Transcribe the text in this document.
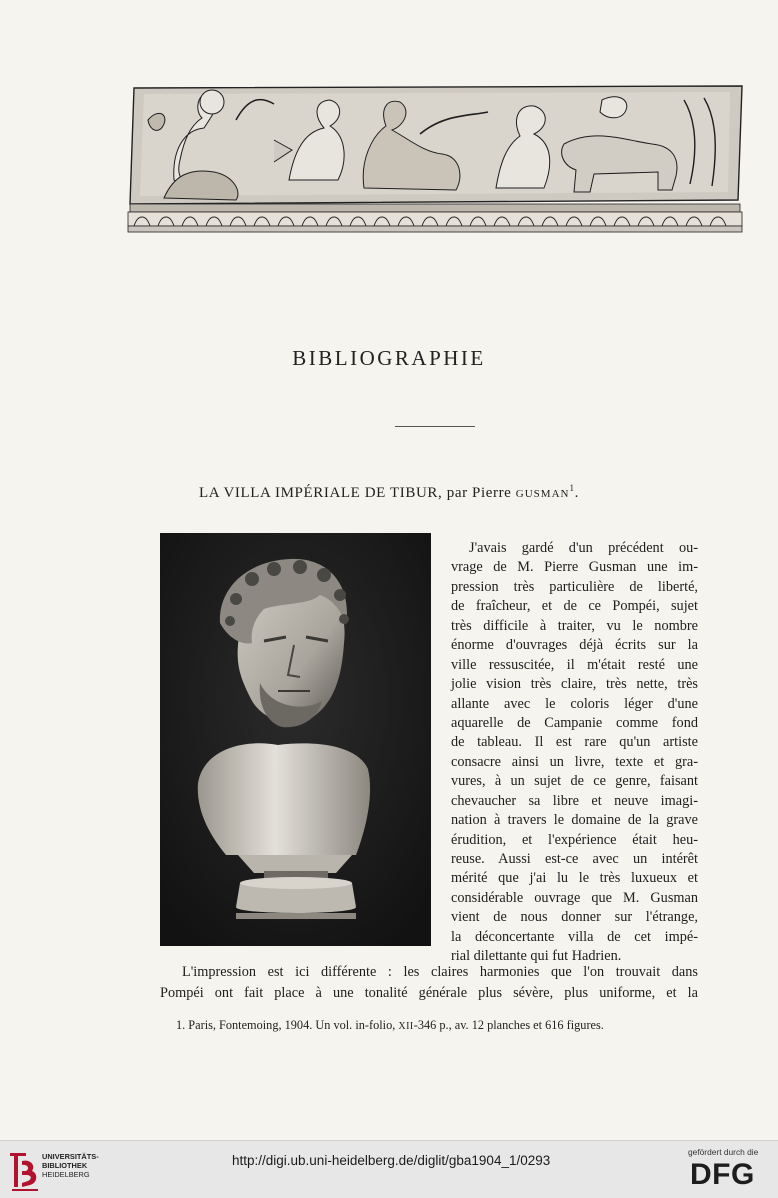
BIBLIOGRAPHIE
LA VILLA IMPÉRIALE DE TIBUR, par Pierre GUSMAN$^1$.
J'avais gardé d'un précédent ou-
vrage de M. Pierre Gusman une im-
pression très particulière de liberté,
de fraîcheur, et de ce Pompéi, sujet
très difficile à traiter, vu le nombre
énorme d'ouvrages déjà écrits sur la
ville ressuscitée, il m'était resté une
jolie vision très claire, très nette, très
allante avec le coloris léger d'une
aquarelle de Campanie comme fond
de tableau. Il est rare qu'un artiste
consacre ainsi un livre, texte et gra-
vures, à un sujet de ce genre, faisant
chevaucher sa libre et neuve imagi-
nation à travers le domaine de la grave
érudition, et l'expérience était heu-
reuse. Aussi est-ce avec un intérêt
mérité que j'ai lu le très luxueux et
considérable ouvrage que M. Gusman
vient de nous donner sur l'étrange,
la déconcertante villa de cet impé-
rial dilettante qui fut Hadrien.
L'impression est ici différente : les claires harmonies que l'on trouvait dans
Pompéi ont fait place à une tonalité générale plus sévère, plus uniforme, et la
1. Paris, Fontemoing, 1904. Un vol. in-folio, XII-346 p., av. 12 planches et 616 figures.
UNIVERSITÄTS-
BIBLIOTHEK
HEIDELBERG
http://digi.ub.uni-heidelberg.de/diglit/gba1904_1/0293
gefördert durch die
DFG
